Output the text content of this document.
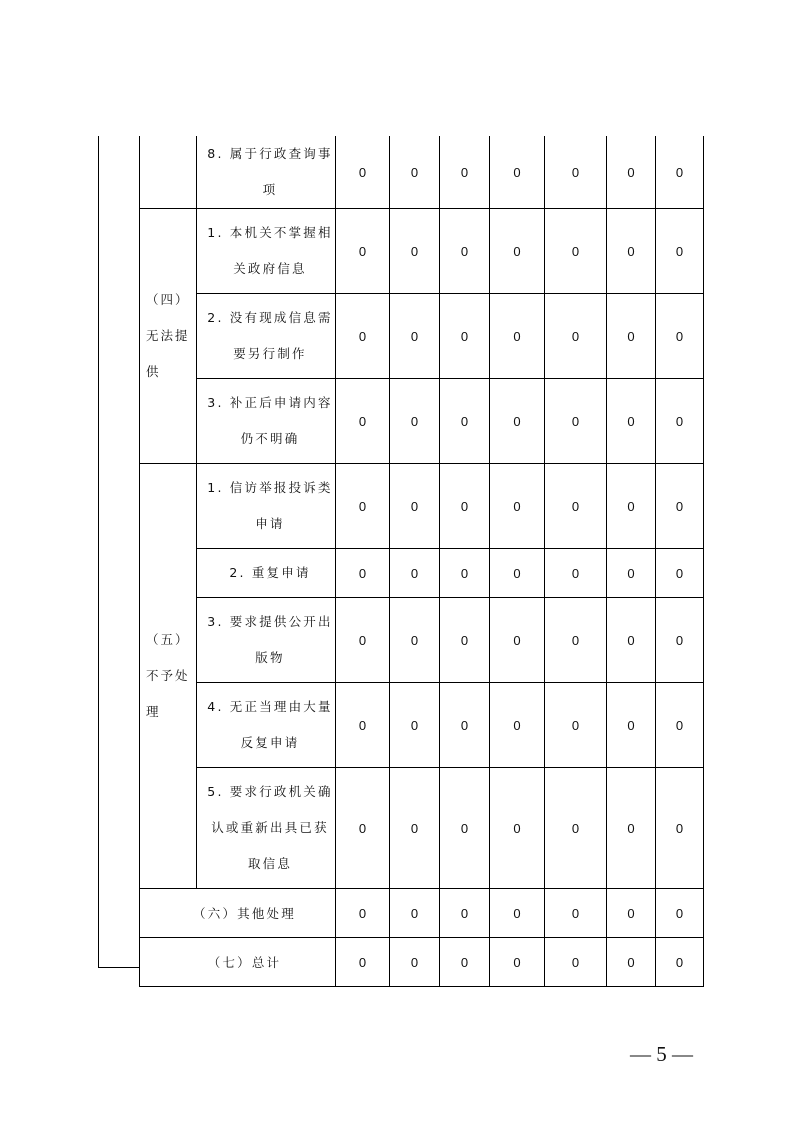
	8. 属于行政查询事项	0	0	0	0	0	0	0
（四）无法提供	1. 本机关不掌握相关政府信息	0	0	0	0	0	0	0
	2. 没有现成信息需要另行制作	0	0	0	0	0	0	0
	3. 补正后申请内容仍不明确	0	0	0	0	0	0	0
（五）不予处理	1. 信访举报投诉类申请	0	0	0	0	0	0	0
	2. 重复申请	0	0	0	0	0	0	0
	3. 要求提供公开出版物	0	0	0	0	0	0	0
	4. 无正当理由大量反复申请	0	0	0	0	0	0	0
	5. 要求行政机关确认或重新出具已获取信息	0	0	0	0	0	0	0
（六）其他处理		0	0	0	0	0	0	0
（七）总计		0	0	0	0	0	0	0
— 5 —
